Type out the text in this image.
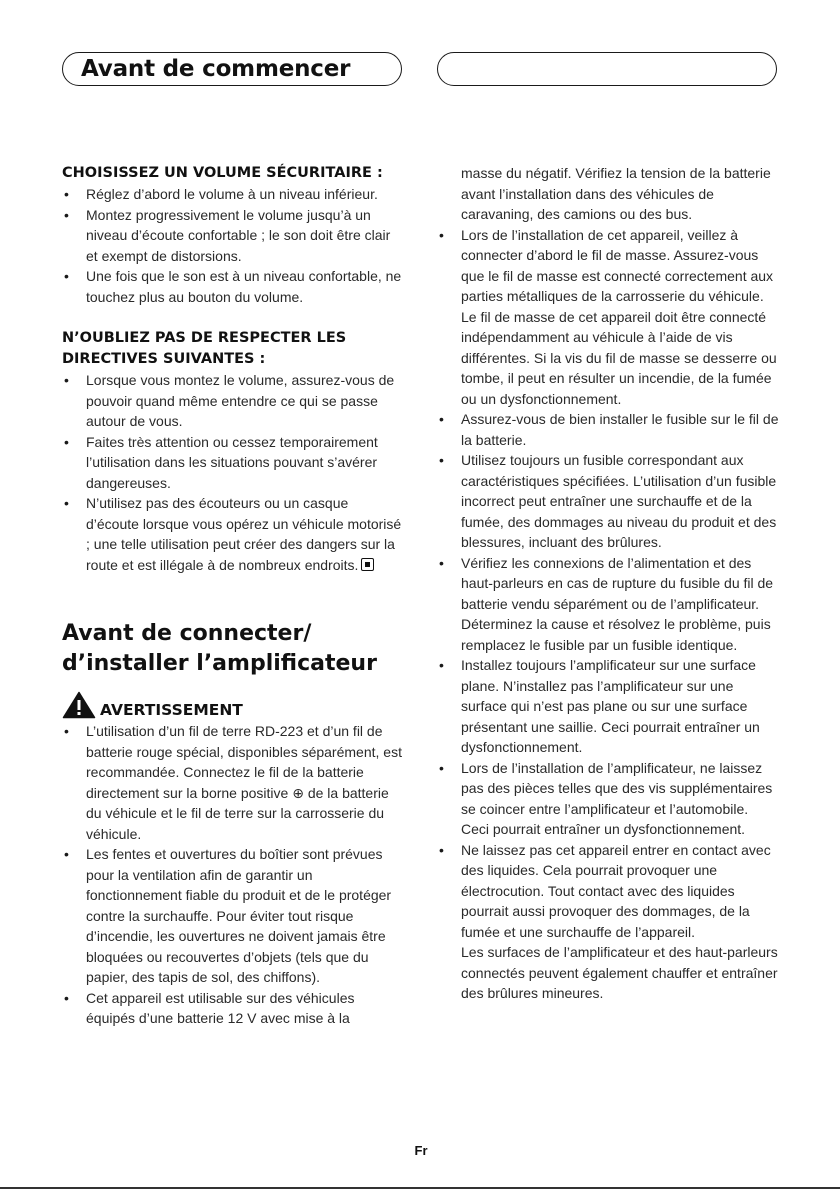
Avant de commencer

CHOISISSEZ UN VOLUME SÉCURITAIRE :

• Réglez d’abord le volume à un niveau inférieur.
• Montez progressivement le volume jusqu’à un niveau d’écoute confortable ; le son doit être clair et exempt de distorsions.
• Une fois que le son est à un niveau confortable, ne touchez plus au bouton du volume.

N’OUBLIEZ PAS DE RESPECTER LES

DIRECTIVES SUIVANTES :

• Lorsque vous montez le volume, assurez-vous de pouvoir quand même entendre ce qui se passe autour de vous.
• Faites très attention ou cessez temporairement l’utilisation dans les situations pouvant s’avérer dangereuses.
• N’utilisez pas des écouteurs ou un casque d’écoute lorsque vous opérez un véhicule motorisé ; une telle utilisation peut créer des dangers sur la route et est illégale à de nombreux endroits.
Avant de connecter/
d’installer l’amplificateur
AVERTISSEMENT
• L’utilisation d’un fil de terre RD-223 et d’un fil de batterie rouge spécial, disponibles séparément, est recommandée. Connectez le fil de la batterie directement sur la borne positive ⊕ de la batterie du véhicule et le fil de terre sur la carrosserie du véhicule.
• Les fentes et ouvertures du boîtier sont prévues pour la ventilation afin de garantir un fonctionnement fiable du produit et de le protéger contre la surchauffe. Pour éviter tout risque d’incendie, les ouvertures ne doivent jamais être bloquées ou recouvertes d’objets (tels que du papier, des tapis de sol, des chiffons).
• Cet appareil est utilisable sur des véhicules équipés d’une batterie 12 V avec mise à la
masse du négatif. Vérifiez la tension de la batterie avant l’installation dans des véhicules de caravaning, des camions ou des bus.
• Lors de l’installation de cet appareil, veillez à connecter d’abord le fil de masse. Assurez-vous que le fil de masse est connecté correctement aux parties métalliques de la carrosserie du véhicule. Le fil de masse de cet appareil doit être connecté indépendamment au véhicule à l’aide de vis différentes. Si la vis du fil de masse se desserre ou tombe, il peut en résulter un incendie, de la fumée ou un dysfonctionnement.
• Assurez-vous de bien installer le fusible sur le fil de la batterie.
• Utilisez toujours un fusible correspondant aux caractéristiques spécifiées. L’utilisation d’un fusible incorrect peut entraîner une surchauffe et de la fumée, des dommages au niveau du produit et des blessures, incluant des brûlures.
• Vérifiez les connexions de l’alimentation et des haut-parleurs en cas de rupture du fusible du fil de batterie vendu séparément ou de l’amplificateur. Déterminez la cause et résolvez le problème, puis remplacez le fusible par un fusible identique.
• Installez toujours l’amplificateur sur une surface plane. N’installez pas l’amplificateur sur une surface qui n’est pas plane ou sur une surface présentant une saillie. Ceci pourrait entraîner un dysfonctionnement.
• Lors de l’installation de l’amplificateur, ne laissez pas des pièces telles que des vis supplémentaires se coincer entre l’amplificateur et l’automobile. Ceci pourrait entraîner un dysfonctionnement.
• Ne laissez pas cet appareil entrer en contact avec des liquides. Cela pourrait provoquer une électrocution. Tout contact avec des liquides pourrait aussi provoquer des dommages, de la fumée et une surchauffe de l’appareil.
Les surfaces de l’amplificateur et des haut-parleurs connectés peuvent également chauffer et entraîner des brûlures mineures.
Fr
